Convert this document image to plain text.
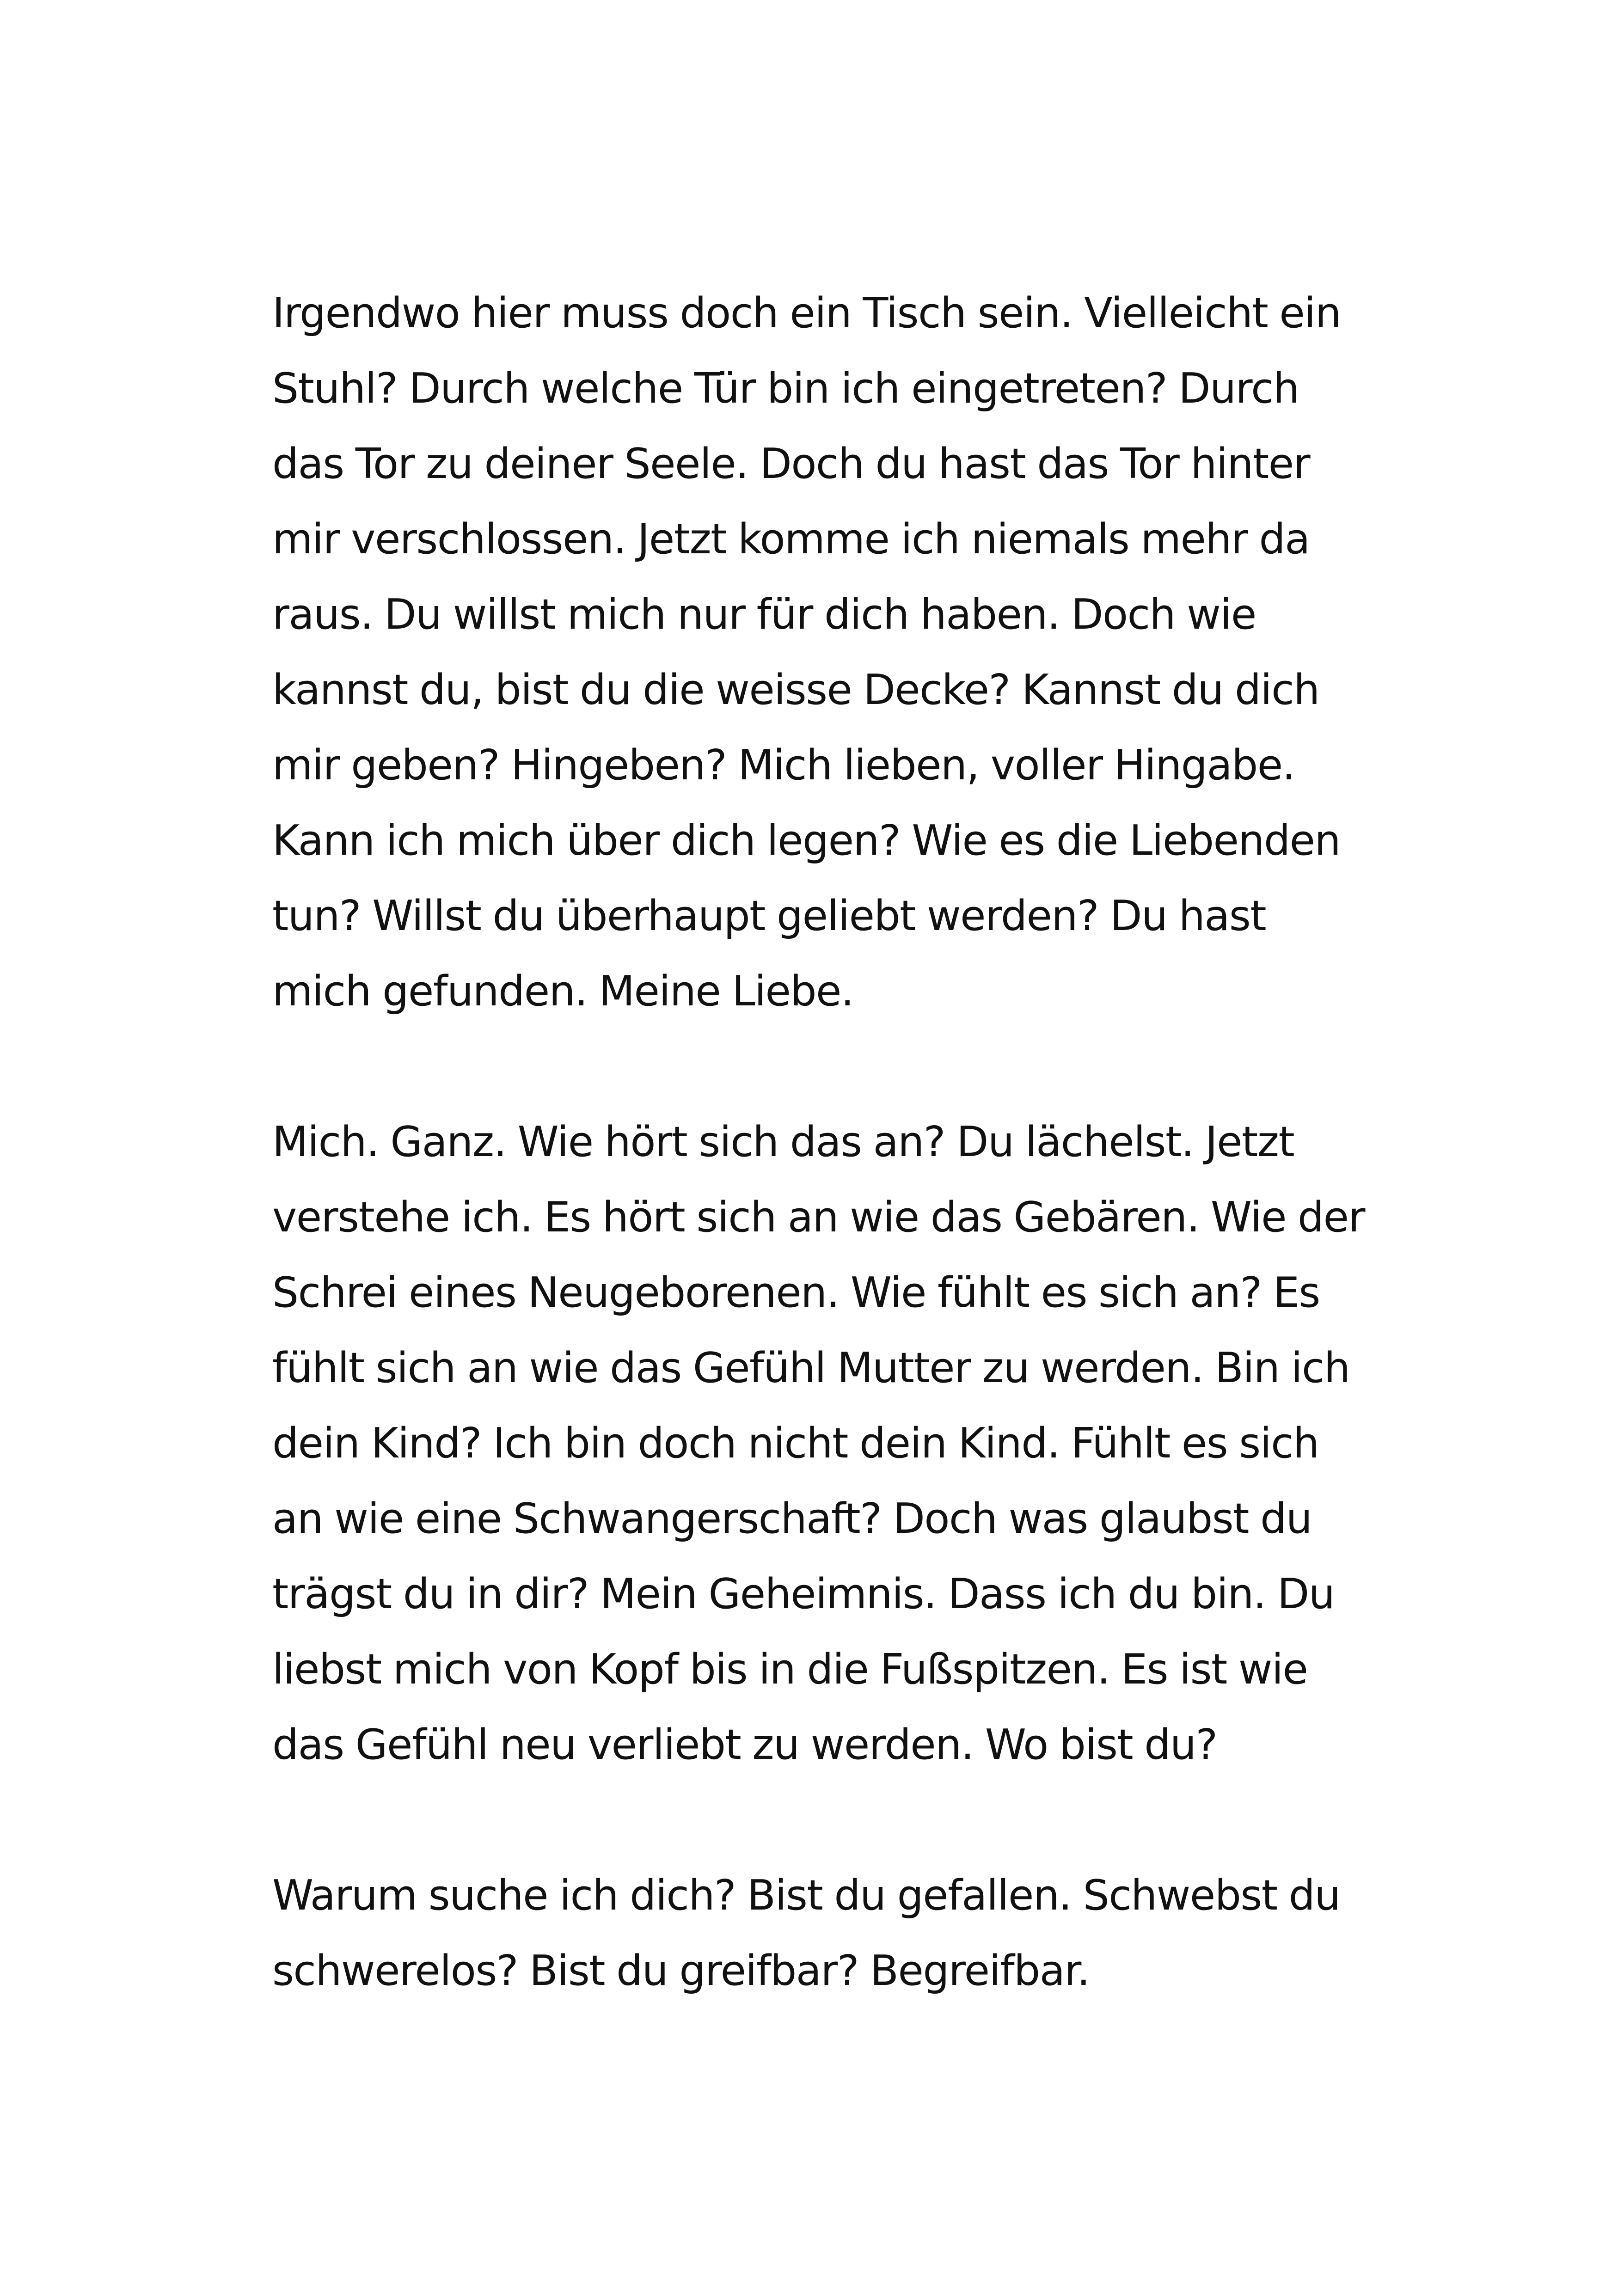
Irgendwo hier muss doch ein Tisch sein. Vielleicht ein
Stuhl? Durch welche Tür bin ich eingetreten? Durch
das Tor zu deiner Seele. Doch du hast das Tor hinter
mir verschlossen. Jetzt komme ich niemals mehr da
raus. Du willst mich nur für dich haben. Doch wie
kannst du, bist du die weisse Decke? Kannst du dich
mir geben? Hingeben? Mich lieben, voller Hingabe.
Kann ich mich über dich legen? Wie es die Liebenden
tun? Willst du überhaupt geliebt werden? Du hast
mich gefunden. Meine Liebe.
Mich. Ganz. Wie hört sich das an? Du lächelst. Jetzt
verstehe ich. Es hört sich an wie das Gebären. Wie der
Schrei eines Neugeborenen. Wie fühlt es sich an? Es
fühlt sich an wie das Gefühl Mutter zu werden. Bin ich
dein Kind? Ich bin doch nicht dein Kind. Fühlt es sich
an wie eine Schwangerschaft? Doch was glaubst du
trägst du in dir? Mein Geheimnis. Dass ich du bin. Du
liebst mich von Kopf bis in die Fußspitzen. Es ist wie
das Gefühl neu verliebt zu werden. Wo bist du?
Warum suche ich dich? Bist du gefallen. Schwebst du
schwerelos? Bist du greifbar? Begreifbar.
